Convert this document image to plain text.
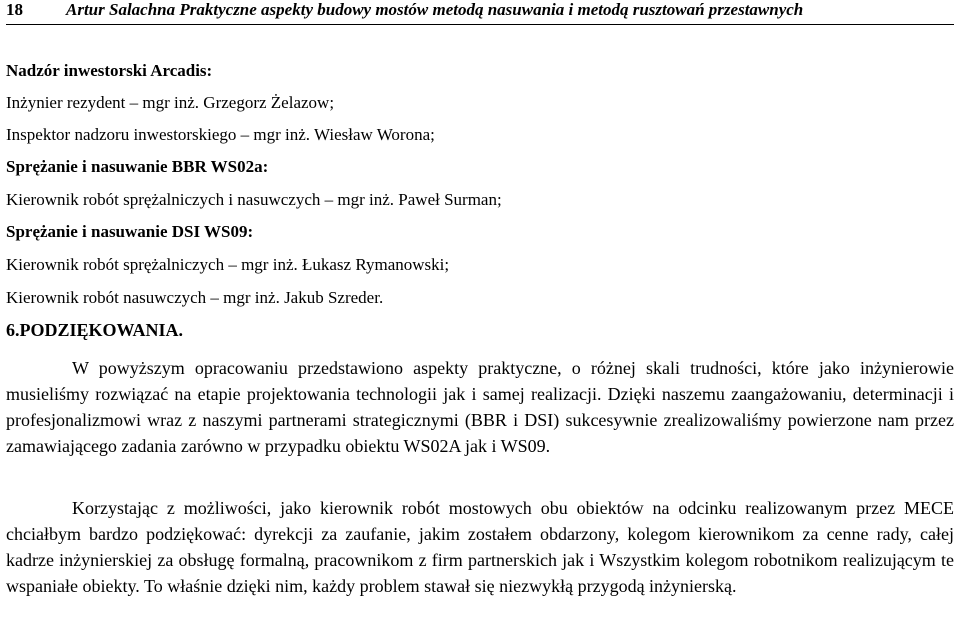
18	Artur Salachna Praktyczne aspekty budowy mostów metodą nasuwania i metodą rusztowań przestawnych
Nadzór inwestorski Arcadis:
Inżynier rezydent – mgr inż. Grzegorz Żelazow;
Inspektor nadzoru inwestorskiego – mgr inż. Wiesław Worona;
Sprężanie i nasuwanie BBR WS02a:
Kierownik robót sprężalniczych i nasuwczych – mgr inż. Paweł Surman;
Sprężanie i nasuwanie DSI WS09:
Kierownik robót sprężalniczych – mgr inż. Łukasz Rymanowski;
Kierownik robót nasuwczych – mgr inż. Jakub Szreder.
6.PODZIĘKOWANIA.

W powyższym opracowaniu przedstawiono aspekty praktyczne, o różnej skali trudności, które jako inżynierowie musieliśmy rozwiązać na etapie projektowania technologii jak i samej realizacji. Dzięki naszemu zaangażowaniu, determinacji i profesjonalizmowi wraz z naszymi partnerami strategicznymi (BBR i DSI) sukcesywnie zrealizowaliśmy powierzone nam przez zamawiającego zadania zarówno w przypadku obiektu WS02A jak i WS09.

Korzystając z możliwości, jako kierownik robót mostowych obu obiektów na odcinku realizowanym przez MECE chciałbym bardzo podziękować: dyrekcji za zaufanie, jakim zostałem obdarzony, kolegom kierownikom za cenne rady, całej kadrze inżynierskiej za obsługę formalną, pracownikom z firm partnerskich jak i Wszystkim kolegom robotnikom realizującym te wspaniałe obiekty. To właśnie dzięki nim, każdy problem stawał się niezwykłą przygodą inżynierską.
